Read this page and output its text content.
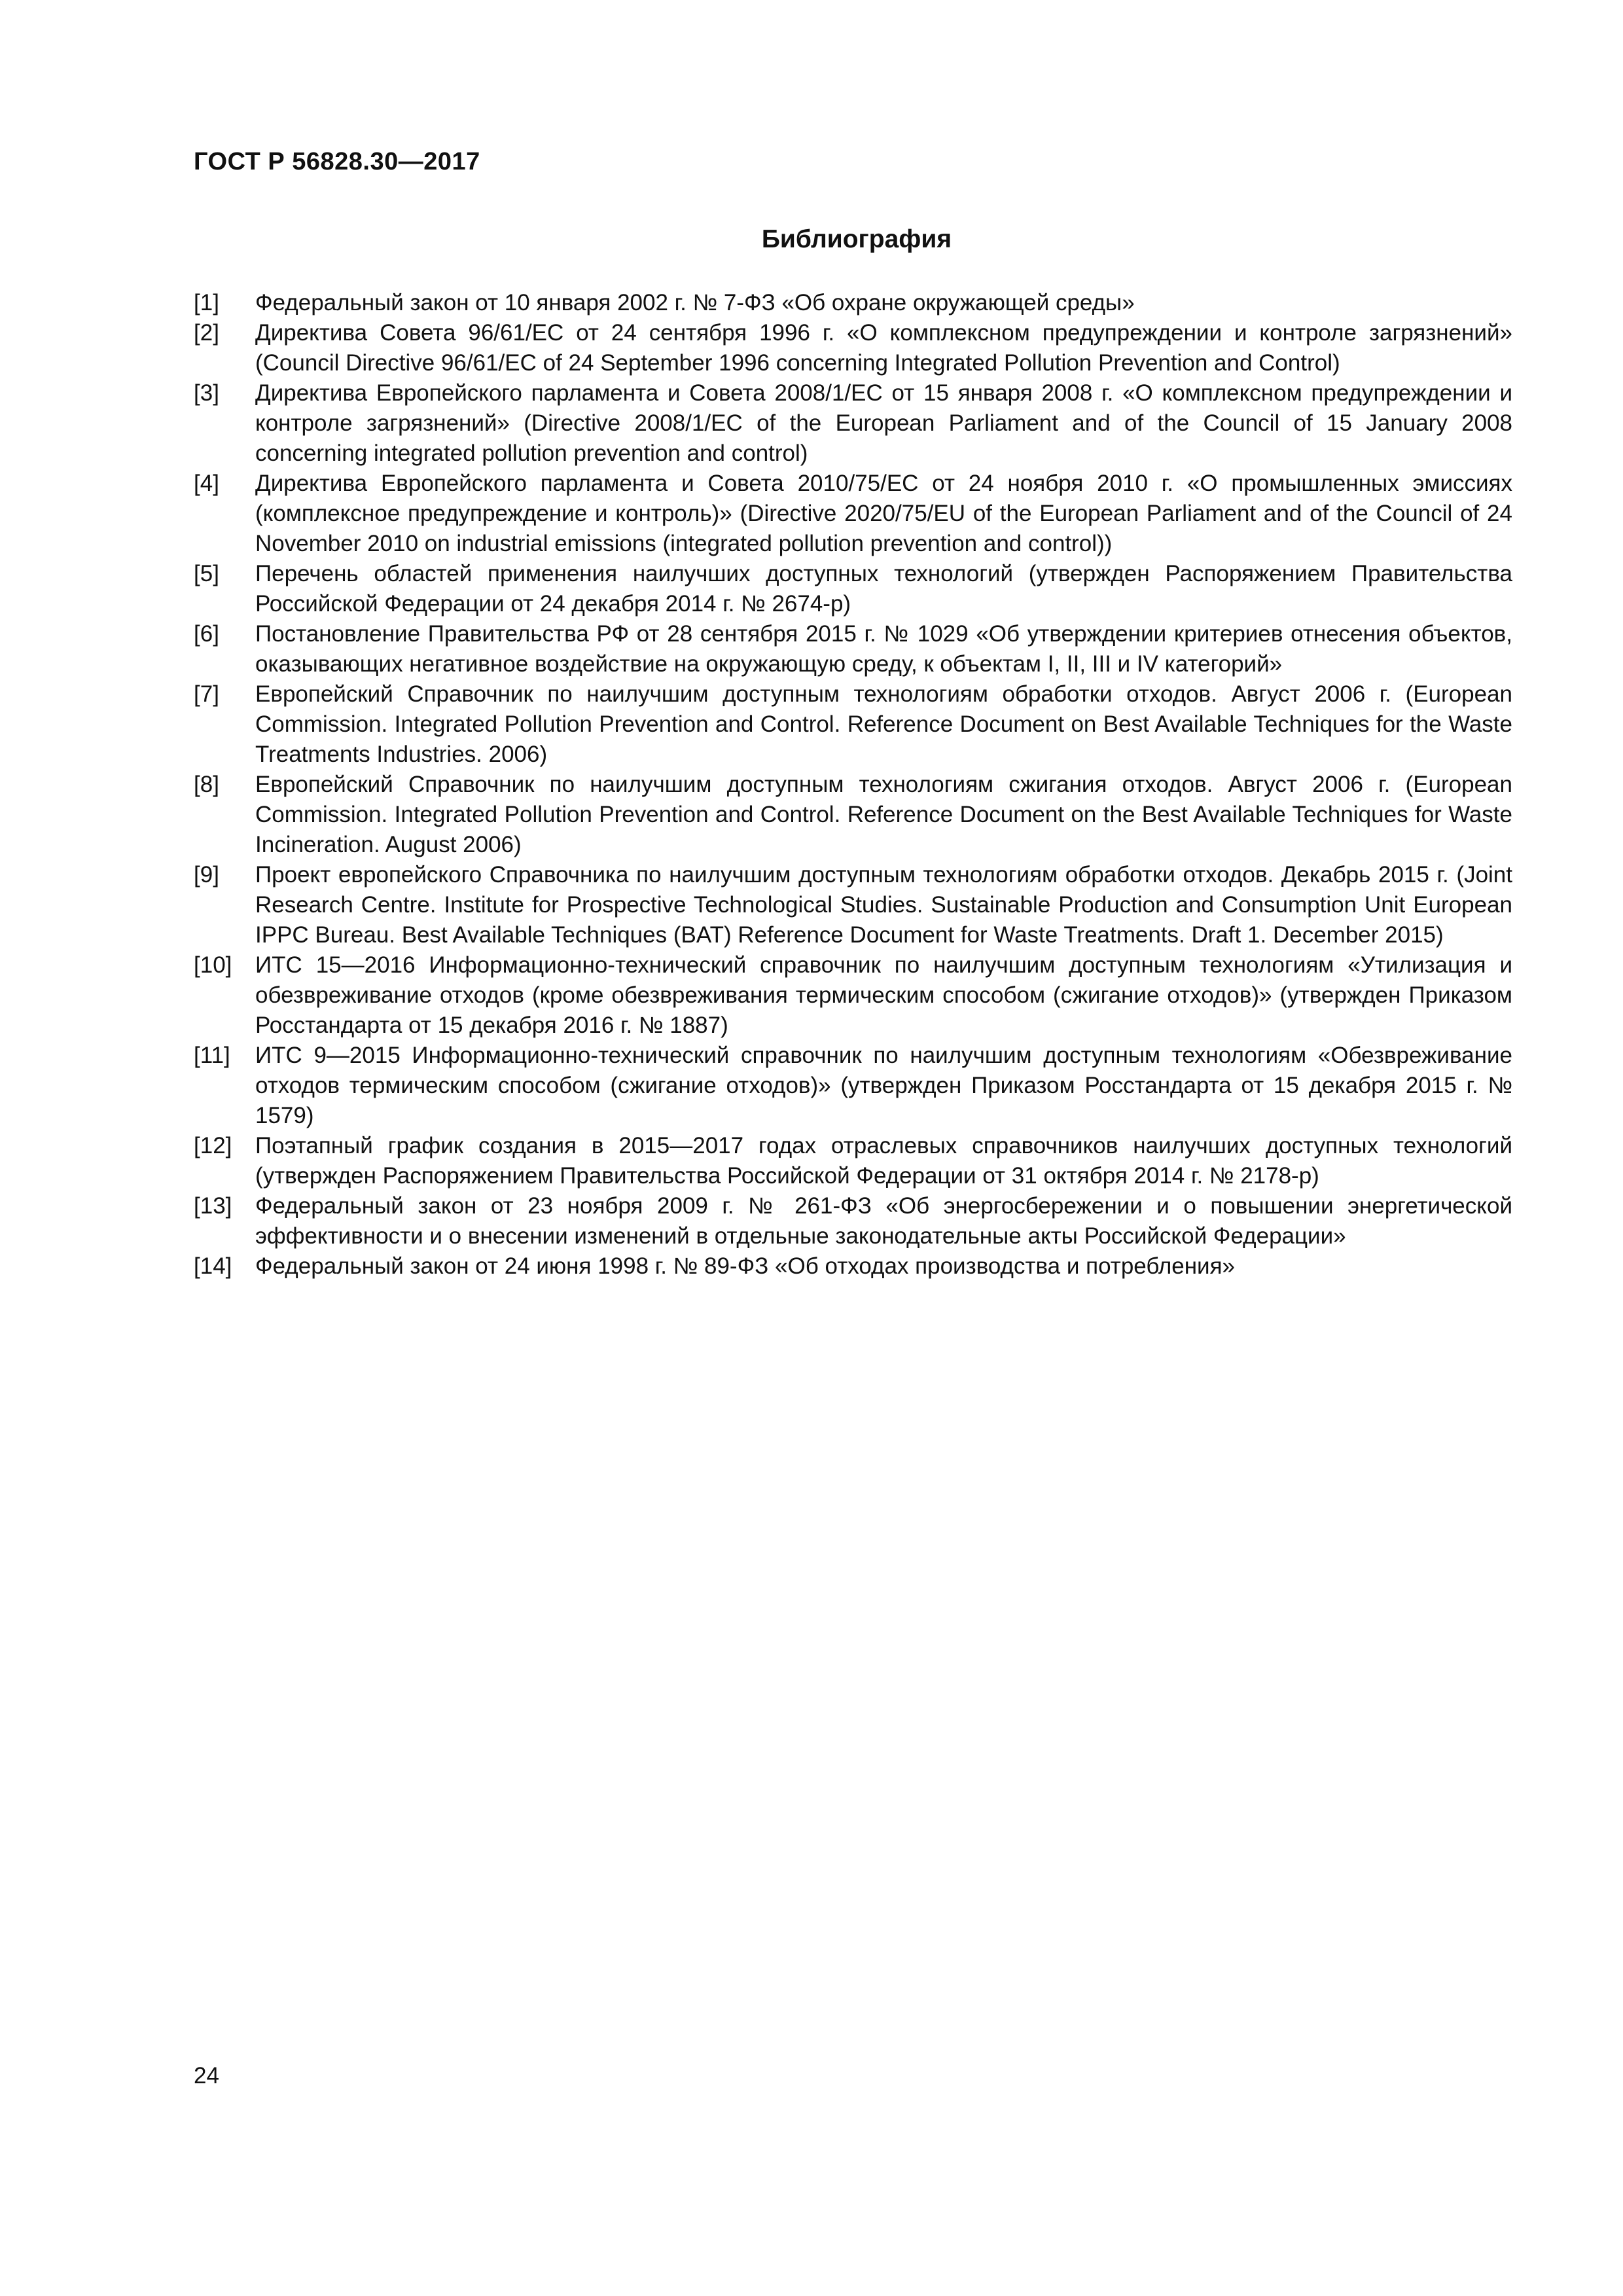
ГОСТ Р 56828.30—2017
Библиография
[1]	Федеральный закон от 10 января 2002 г. № 7-ФЗ «Об охране окружающей среды»
[2]	Директива Совета 96/61/ЕС от 24 сентября 1996 г. «О комплексном предупреждении и контроле загрязнений» (Council Directive 96/61/EC of 24 September 1996 concerning Integrated Pollution Prevention and Control)
[3]	Директива Европейского парламента и Совета 2008/1/ЕС от 15 января 2008 г. «О комплексном предупреждении и контроле загрязнений» (Directive 2008/1/EC of the European Parliament and of the Council of 15 January 2008 concerning integrated pollution prevention and control)
[4]	Директива Европейского парламента и Совета 2010/75/ЕС от 24 ноября 2010 г. «О промышленных эмиссиях (комплексное предупреждение и контроль)» (Directive 2020/75/EU of the European Parliament and of the Council of 24 November 2010 on industrial emissions (integrated pollution prevention and control))
[5]	Перечень областей применения наилучших доступных технологий (утвержден Распоряжением Правительства Российской Федерации от 24 декабря 2014 г. № 2674-р)
[6]	Постановление Правительства РФ от 28 сентября 2015 г. № 1029 «Об утверждении критериев отнесения объектов, оказывающих негативное воздействие на окружающую среду, к объектам I, II, III и IV категорий»
[7]	Европейский Справочник по наилучшим доступным технологиям обработки отходов. Август 2006 г. (European Commission. Integrated Pollution Prevention and Control. Reference Document on Best Available Techniques for the Waste Treatments Industries. 2006)
[8]	Европейский Справочник по наилучшим доступным технологиям сжигания отходов. Август 2006 г. (European Commission. Integrated Pollution Prevention and Control. Reference Document on the Best Available Techniques for Waste Incineration. August 2006)
[9]	Проект европейского Справочника по наилучшим доступным технологиям обработки отходов. Декабрь 2015 г. (Joint Research Centre. Institute for Prospective Technological Studies. Sustainable Production and Consumption Unit European IPPC Bureau. Best Available Techniques (BAT) Reference Document for Waste Treatments. Draft 1. December 2015)
[10]	ИТС 15—2016 Информационно-технический справочник по наилучшим доступным технологиям «Утилизация и обезвреживание отходов (кроме обезвреживания термическим способом (сжигание отходов)» (утвержден Приказом Росстандарта от 15 декабря 2016 г. № 1887)
[11]	ИТС 9—2015 Информационно-технический справочник по наилучшим доступным технологиям «Обезвреживание отходов термическим способом (сжигание отходов)» (утвержден Приказом Росстандарта от 15 декабря 2015 г. № 1579)
[12]	Поэтапный график создания в 2015—2017 годах отраслевых справочников наилучших доступных технологий (утвержден Распоряжением Правительства Российской Федерации от 31 октября 2014 г. № 2178-р)
[13]	Федеральный закон от 23 ноября 2009 г. № 261-ФЗ «Об энергосбережении и о повышении энергетической эффективности и о внесении изменений в отдельные законодательные акты Российской Федерации»
[14]	Федеральный закон от 24 июня 1998 г. № 89-ФЗ «Об отходах производства и потребления»
24
